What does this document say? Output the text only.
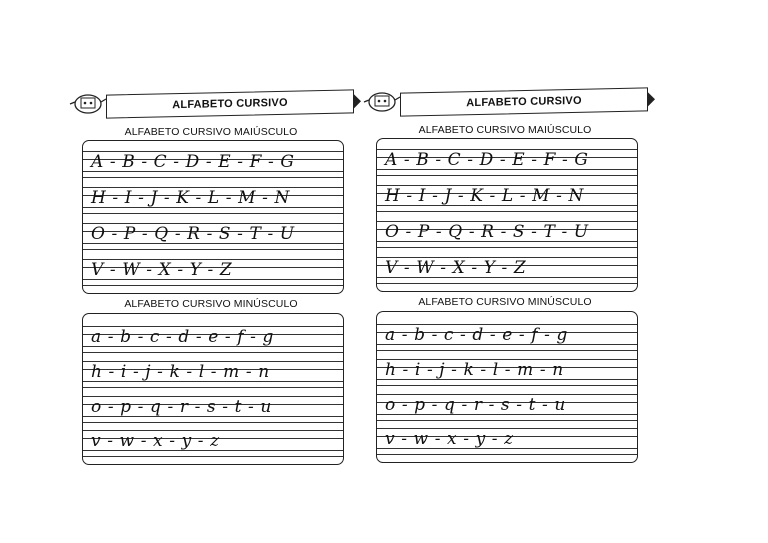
ALFABETO CURSIVO
ALFABETO CURSIVO MAIÚSCULO
A - B - C - D - E - F - G
H - I - J - K - L - M - N
O - P - Q - R - S - T - U
V - W - X - Y - Z
ALFABETO CURSIVO MINÚSCULO
a - b - c - d - e - f - g
h - i - j - k - l - m - n
o - p - q - r - s - t - u
v - w - x - y - z
ALFABETO CURSIVO
ALFABETO CURSIVO MAIÚSCULO
A - B - C - D - E - F - G
H - I - J - K - L - M - N
O - P - Q - R - S - T - U
V - W - X - Y - Z
ALFABETO CURSIVO MINÚSCULO
a - b - c - d - e - f - g
h - i - j - k - l - m - n
o - p - q - r - s - t - u
v - w - x - y - z
